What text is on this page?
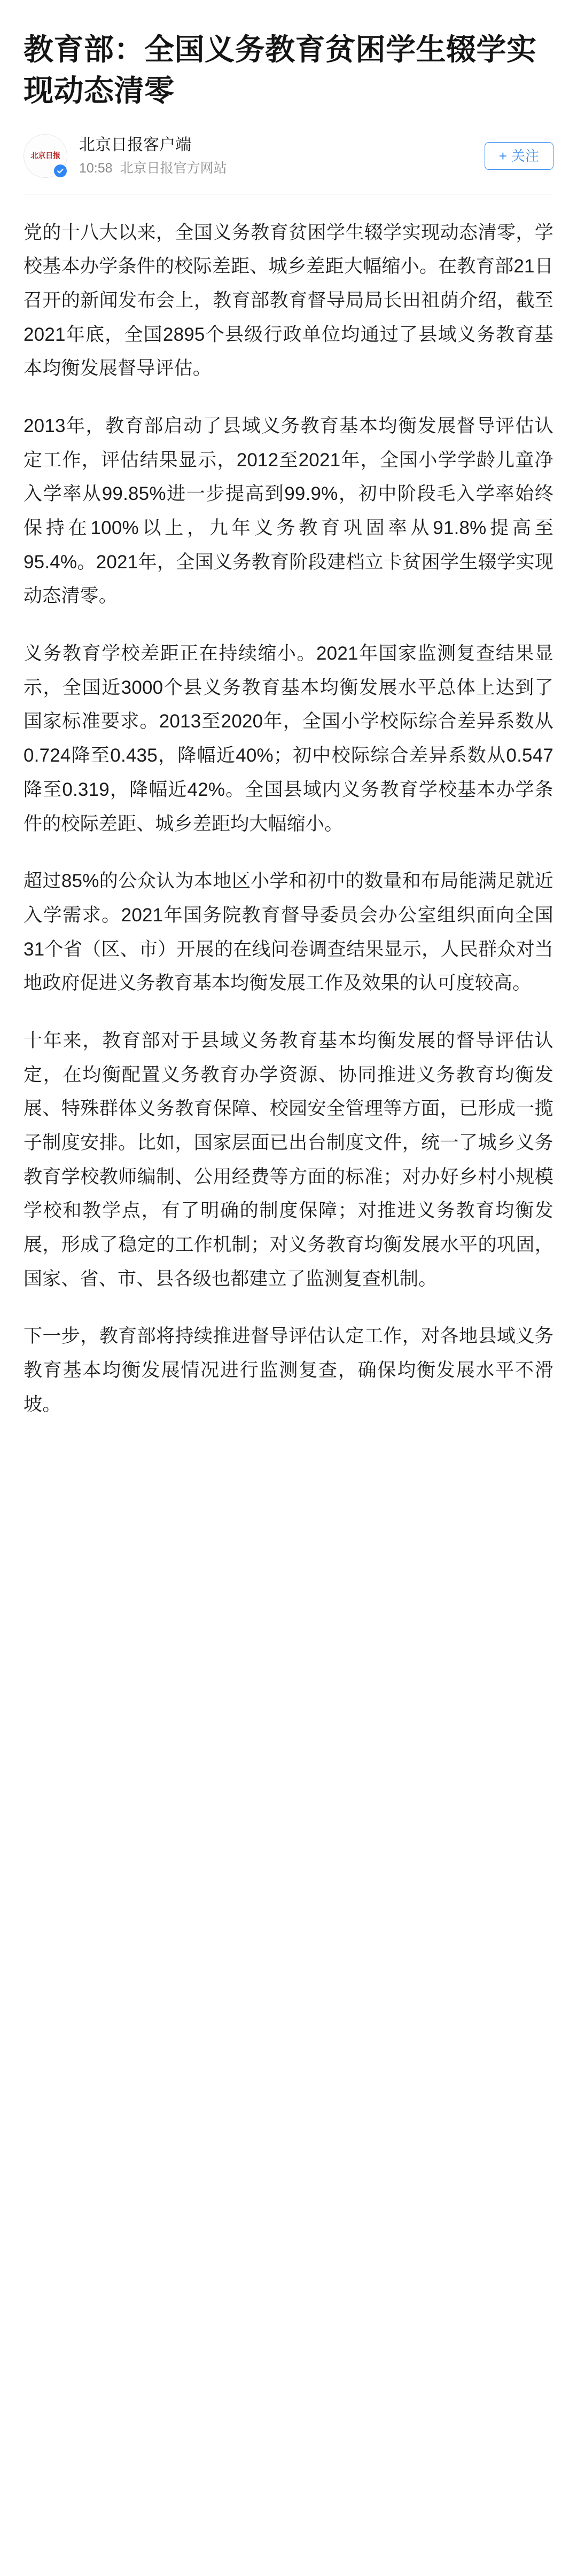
教育部：全国义务教育贫困学生辍学实现动态清零
北京日报
北京日报客户端
10:58 北京日报官方网站
+ 关注

党的十八大以来，全国义务教育贫困学生辍学实现动态清零，学校基本办学条件的校际差距、城乡差距大幅缩小。在教育部21日召开的新闻发布会上，教育部教育督导局局长田祖荫介绍，截至2021年底，全国2895个县级行政单位均通过了县域义务教育基本均衡发展督导评估。

2013年，教育部启动了县域义务教育基本均衡发展督导评估认定工作，评估结果显示，2012至2021年，全国小学学龄儿童净入学率从99.85%进一步提高到99.9%，初中阶段毛入学率始终保持在100%以上，九年义务教育巩固率从91.8%提高至95.4%。2021年，全国义务教育阶段建档立卡贫困学生辍学实现动态清零。

义务教育学校差距正在持续缩小。2021年国家监测复查结果显示，全国近3000个县义务教育基本均衡发展水平总体上达到了国家标准要求。2013至2020年，全国小学校际综合差异系数从0.724降至0.435，降幅近40%；初中校际综合差异系数从0.547降至0.319，降幅近42%。全国县域内义务教育学校基本办学条件的校际差距、城乡差距均大幅缩小。

超过85%的公众认为本地区小学和初中的数量和布局能满足就近入学需求。2021年国务院教育督导委员会办公室组织面向全国31个省（区、市）开展的在线问卷调查结果显示，人民群众对当地政府促进义务教育基本均衡发展工作及效果的认可度较高。

十年来，教育部对于县域义务教育基本均衡发展的督导评估认定，在均衡配置义务教育办学资源、协同推进义务教育均衡发展、特殊群体义务教育保障、校园安全管理等方面，已形成一揽子制度安排。比如，国家层面已出台制度文件，统一了城乡义务教育学校教师编制、公用经费等方面的标准；对办好乡村小规模学校和教学点，有了明确的制度保障；对推进义务教育均衡发展，形成了稳定的工作机制；对义务教育均衡发展水平的巩固，国家、省、市、县各级也都建立了监测复查机制。

下一步，教育部将持续推进督导评估认定工作，对各地县域义务教育基本均衡发展情况进行监测复查，确保均衡发展水平不滑坡。
